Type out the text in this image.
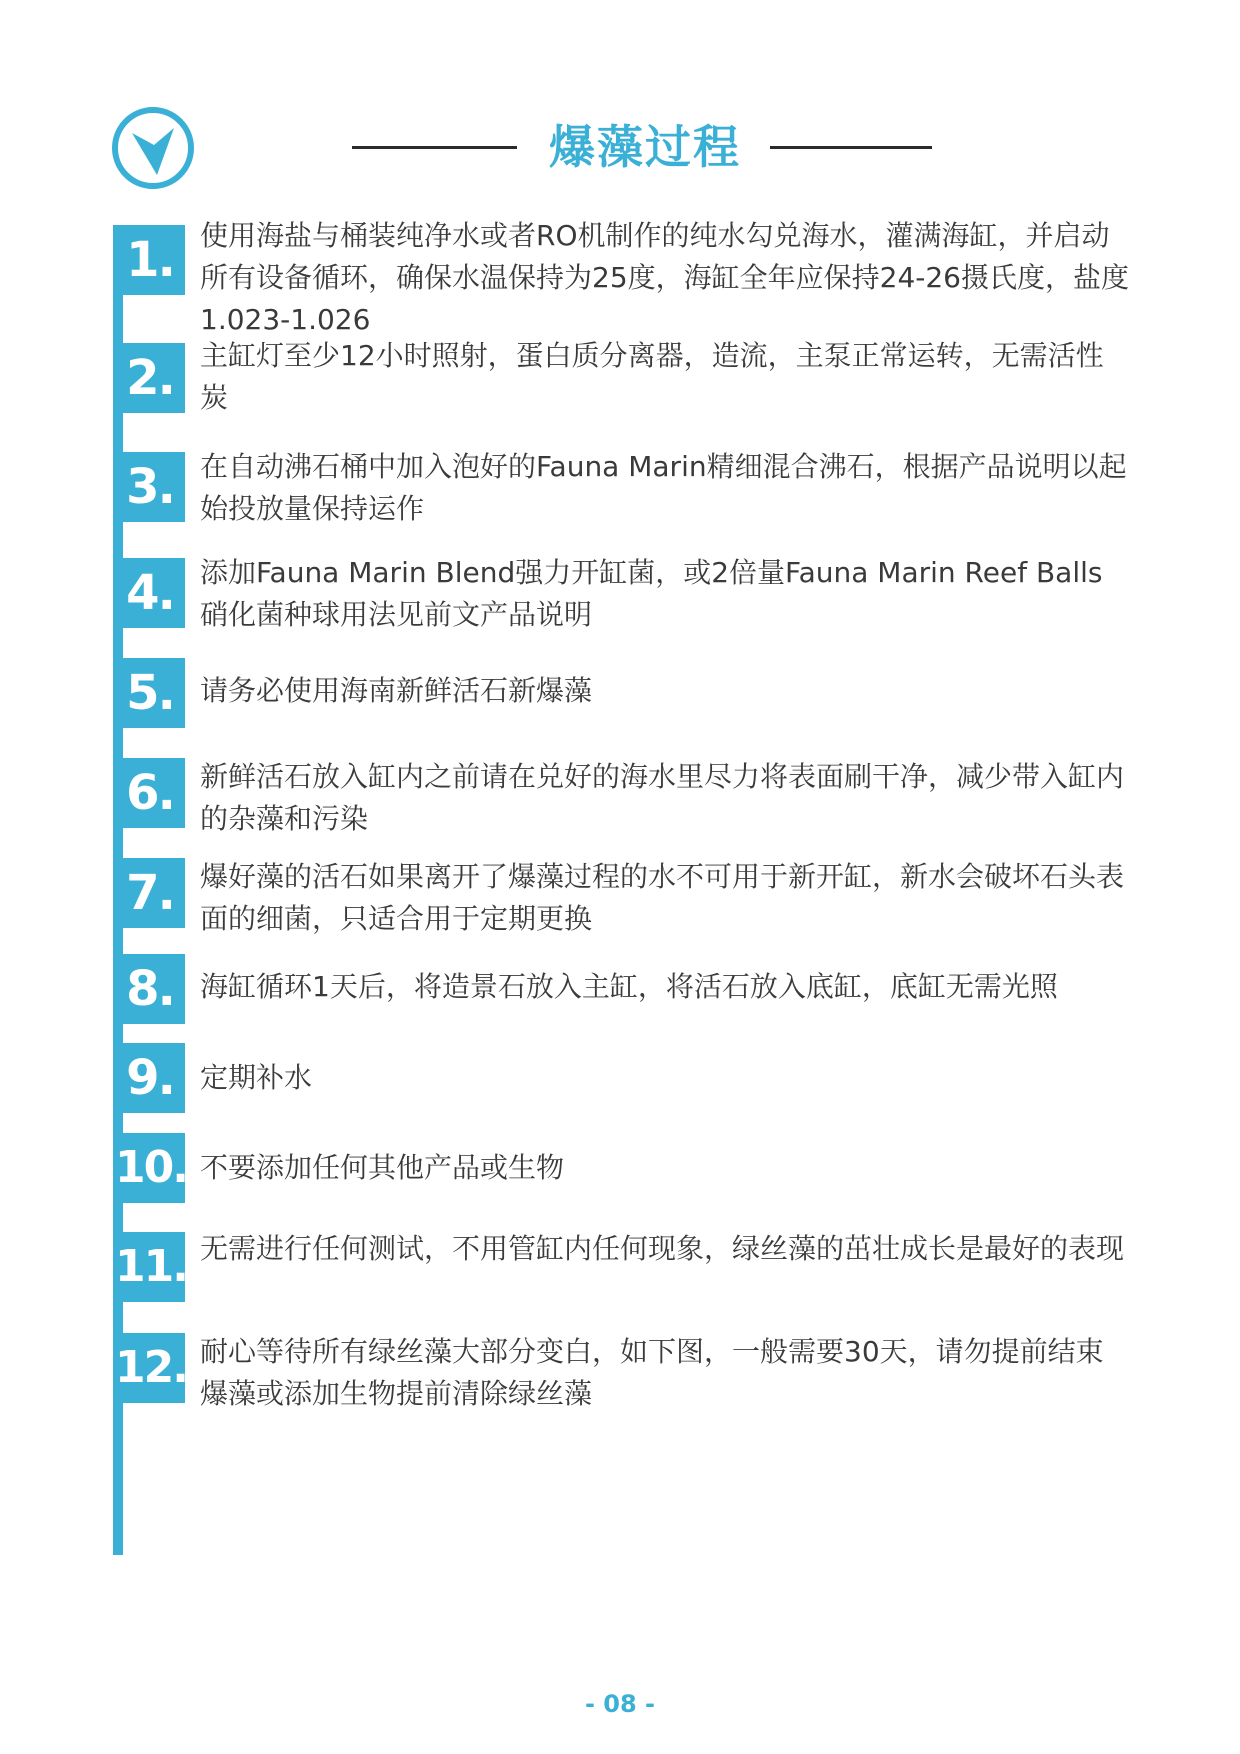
爆藻过程
1. 使用海盐与桶装纯净水或者RO机制作的纯水勾兑海水，灌满海缸，并启动所有设备循环，确保水温保持为25度，海缸全年应保持24-26摄氏度，盐度1.023-1.026
2. 主缸灯至少12小时照射，蛋白质分离器，造流，主泵正常运转，无需活性炭
3. 在自动沸石桶中加入泡好的Fauna Marin精细混合沸石，根据产品说明以起始投放量保持运作
4. 添加Fauna Marin Blend强力开缸菌，或2倍量Fauna Marin Reef Balls 硝化菌种球用法见前文产品说明
5. 请务必使用海南新鲜活石新爆藻
6. 新鲜活石放入缸内之前请在兑好的海水里尽力将表面刷干净，减少带入缸内的杂藻和污染
7. 爆好藻的活石如果离开了爆藻过程的水不可用于新开缸，新水会破坏石头表面的细菌，只适合用于定期更换
8. 海缸循环1天后，将造景石放入主缸，将活石放入底缸，底缸无需光照
9. 定期补水
10. 不要添加任何其他产品或生物
11. 无需进行任何测试，不用管缸内任何现象，绿丝藻的茁壮成长是最好的表现
12. 耐心等待所有绿丝藻大部分变白，如下图，一般需要30天，请勿提前结束爆藻或添加生物提前清除绿丝藻
- 08 -
